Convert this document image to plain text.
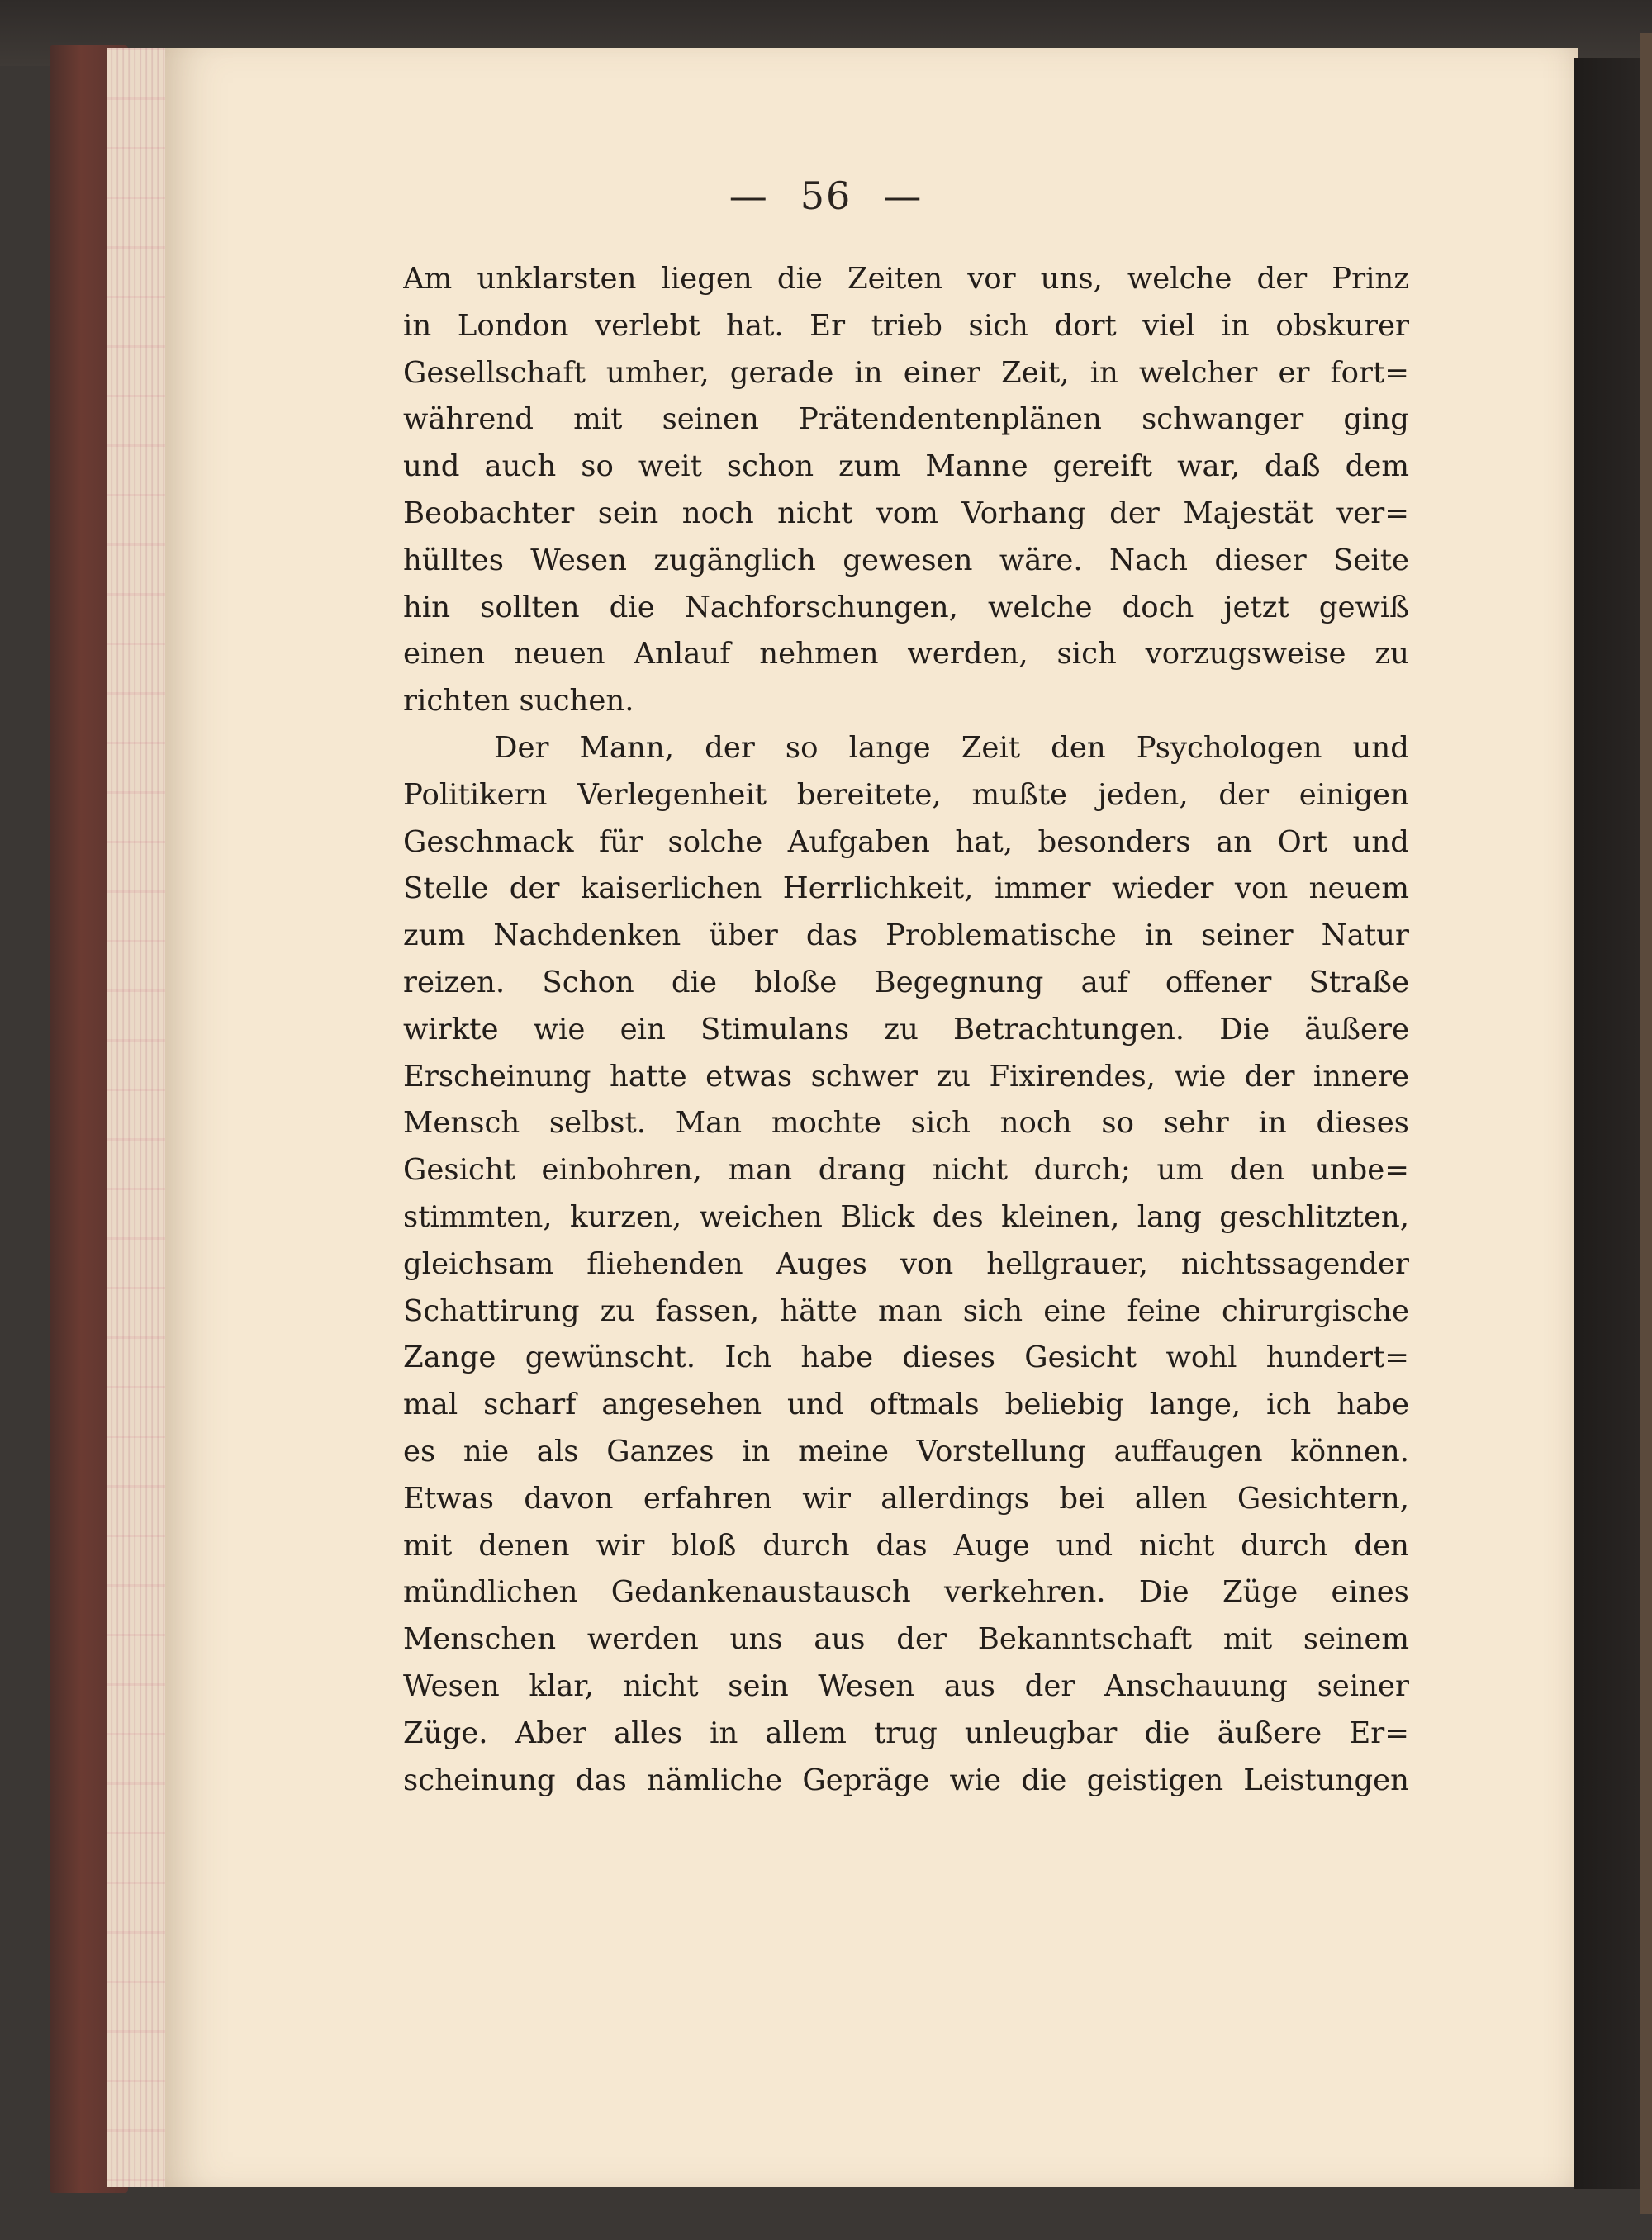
— 56 —
Am unklarsten liegen die Zeiten vor uns, welche der Prinz
in London verlebt hat. Er trieb sich dort viel in obskurer
Gesellschaft umher, gerade in einer Zeit, in welcher er fort=
während mit seinen Prätendentenplänen schwanger ging
und auch so weit schon zum Manne gereift war, daß dem
Beobachter sein noch nicht vom Vorhang der Majestät ver=
hülltes Wesen zugänglich gewesen wäre. Nach dieser Seite
hin sollten die Nachforschungen, welche doch jetzt gewiß
einen neuen Anlauf nehmen werden, sich vorzugsweise zu
richten suchen.
Der Mann, der so lange Zeit den Psychologen und
Politikern Verlegenheit bereitete, mußte jeden, der einigen
Geschmack für solche Aufgaben hat, besonders an Ort und
Stelle der kaiserlichen Herrlichkeit, immer wieder von neuem
zum Nachdenken über das Problematische in seiner Natur
reizen. Schon die bloße Begegnung auf offener Straße
wirkte wie ein Stimulans zu Betrachtungen. Die äußere
Erscheinung hatte etwas schwer zu Fixirendes, wie der innere
Mensch selbst. Man mochte sich noch so sehr in dieses
Gesicht einbohren, man drang nicht durch; um den unbe=
stimmten, kurzen, weichen Blick des kleinen, lang geschlitzten,
gleichsam fliehenden Auges von hellgrauer, nichtssagender
Schattirung zu fassen, hätte man sich eine feine chirurgische
Zange gewünscht. Ich habe dieses Gesicht wohl hundert=
mal scharf angesehen und oftmals beliebig lange, ich habe
es nie als Ganzes in meine Vorstellung auffaugen können.
Etwas davon erfahren wir allerdings bei allen Gesichtern,
mit denen wir bloß durch das Auge und nicht durch den
mündlichen Gedankenaustausch verkehren. Die Züge eines
Menschen werden uns aus der Bekanntschaft mit seinem
Wesen klar, nicht sein Wesen aus der Anschauung seiner
Züge. Aber alles in allem trug unleugbar die äußere Er=
scheinung das nämliche Gepräge wie die geistigen Leistungen
